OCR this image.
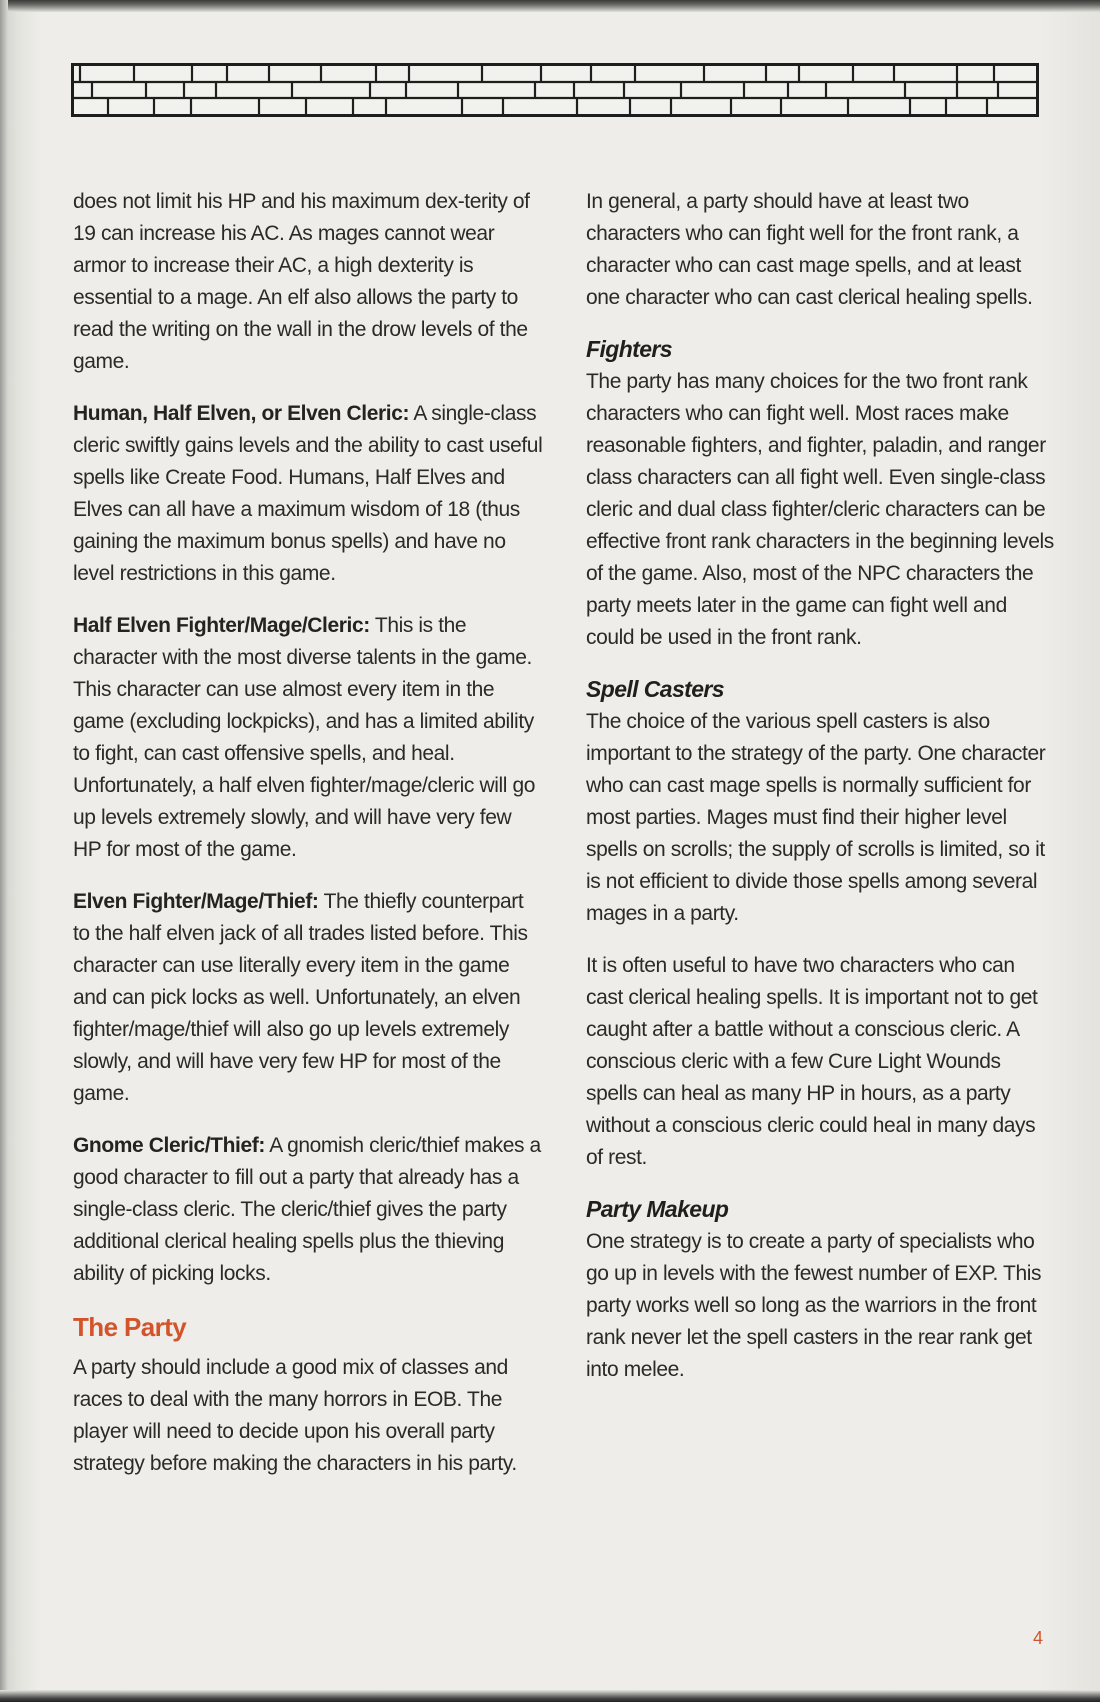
does not limit his HP and his maximum dex-terity of 19 can increase his AC. As mages cannot wear armor to increase their AC, a high dexterity is essential to a mage. An elf also allows the party to read the writing on the wall in the drow levels of the game.

Human, Half Elven, or Elven Cleric: A single-class cleric swiftly gains levels and the ability to cast useful spells like Create Food. Humans, Half Elves and Elves can all have a maximum wisdom of 18 (thus gaining the maximum bonus spells) and have no level restrictions in this game.

Half Elven Fighter/Mage/Cleric: This is the character with the most diverse talents in the game. This character can use almost every item in the game (excluding lockpicks), and has a limited ability to fight, can cast offensive spells, and heal. Unfortunately, a half elven fighter/mage/cleric will go up levels extremely slowly, and will have very few HP for most of the game.

Elven Fighter/Mage/Thief: The thiefly counterpart to the half elven jack of all trades listed before. This character can use literally every item in the game and can pick locks as well. Unfortunately, an elven fighter/mage/thief will also go up levels extremely slowly, and will have very few HP for most of the game.

Gnome Cleric/Thief: A gnomish cleric/thief makes a good character to fill out a party that already has a single-class cleric. The cleric/thief gives the party additional clerical healing spells plus the thieving ability of picking locks.

The Party

A party should include a good mix of classes and races to deal with the many horrors in EOB. The player will need to decide upon his overall party strategy before making the characters in his party.

In general, a party should have at least two characters who can fight well for the front rank, a character who can cast mage spells, and at least one character who can cast clerical healing spells.

Fighters

The party has many choices for the two front rank characters who can fight well. Most races make reasonable fighters, and fighter, paladin, and ranger class characters can all fight well. Even single-class cleric and dual class fighter/cleric characters can be effective front rank characters in the beginning levels of the game. Also, most of the NPC characters the party meets later in the game can fight well and could be used in the front rank.

Spell Casters

The choice of the various spell casters is also important to the strategy of the party. One character who can cast mage spells is normally sufficient for most parties. Mages must find their higher level spells on scrolls; the supply of scrolls is limited, so it is not efficient to divide those spells among several mages in a party.

It is often useful to have two characters who can cast clerical healing spells. It is important not to get caught after a battle without a conscious cleric. A conscious cleric with a few Cure Light Wounds spells can heal as many HP in hours, as a party without a conscious cleric could heal in many days of rest.

Party Makeup

One strategy is to create a party of specialists who go up in levels with the fewest number of EXP. This party works well so long as the warriors in the front rank never let the spell casters in the rear rank get into melee.

4
